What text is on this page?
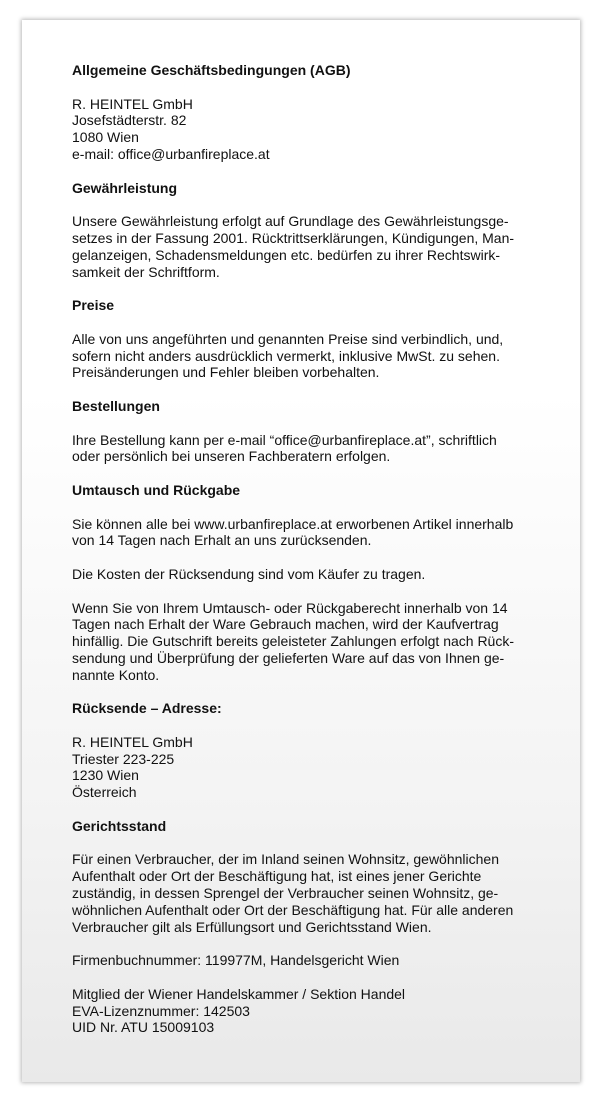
Allgemeine Geschäftsbedingungen (AGB)

R. HEINTEL GmbH
Josefstädterstr. 82
1080 Wien
e-mail: office@urbanfireplace.at

Gewährleistung

Unsere Gewährleistung erfolgt auf Grundlage des Gewährleistungsge-
setzes in der Fassung 2001. Rücktrittserklärungen, Kündigungen, Man-
gelanzeigen, Schadensmeldungen etc. bedürfen zu ihrer Rechtswirk-
samkeit der Schriftform.

Preise

Alle von uns angeführten und genannten Preise sind verbindlich, und,
sofern nicht anders ausdrücklich vermerkt, inklusive MwSt. zu sehen.
Preisänderungen und Fehler bleiben vorbehalten.

Bestellungen

Ihre Bestellung kann per e-mail “office@urbanfireplace.at”, schriftlich
oder persönlich bei unseren Fachberatern erfolgen.

Umtausch und Rückgabe

Sie können alle bei www.urbanfireplace.at erworbenen Artikel innerhalb
von 14 Tagen nach Erhalt an uns zurücksenden.

Die Kosten der Rücksendung sind vom Käufer zu tragen.

Wenn Sie von Ihrem Umtausch- oder Rückgaberecht innerhalb von 14
Tagen nach Erhalt der Ware Gebrauch machen, wird der Kaufvertrag
hinfällig. Die Gutschrift bereits geleisteter Zahlungen erfolgt nach Rück-
sendung und Überprüfung der gelieferten Ware auf das von Ihnen ge-
nannte Konto.

Rücksende – Adresse:

R. HEINTEL GmbH
Triester 223-225
1230 Wien
Österreich

Gerichtsstand

Für einen Verbraucher, der im Inland seinen Wohnsitz, gewöhnlichen
Aufenthalt oder Ort der Beschäftigung hat, ist eines jener Gerichte
zuständig, in dessen Sprengel der Verbraucher seinen Wohnsitz, ge-
wöhnlichen Aufenthalt oder Ort der Beschäftigung hat. Für alle anderen
Verbraucher gilt als Erfüllungsort und Gerichtsstand Wien.

Firmenbuchnummer: 119977M, Handelsgericht Wien

Mitglied der Wiener Handelskammer / Sektion Handel
EVA-Lizenznummer: 142503
UID Nr. ATU 15009103
